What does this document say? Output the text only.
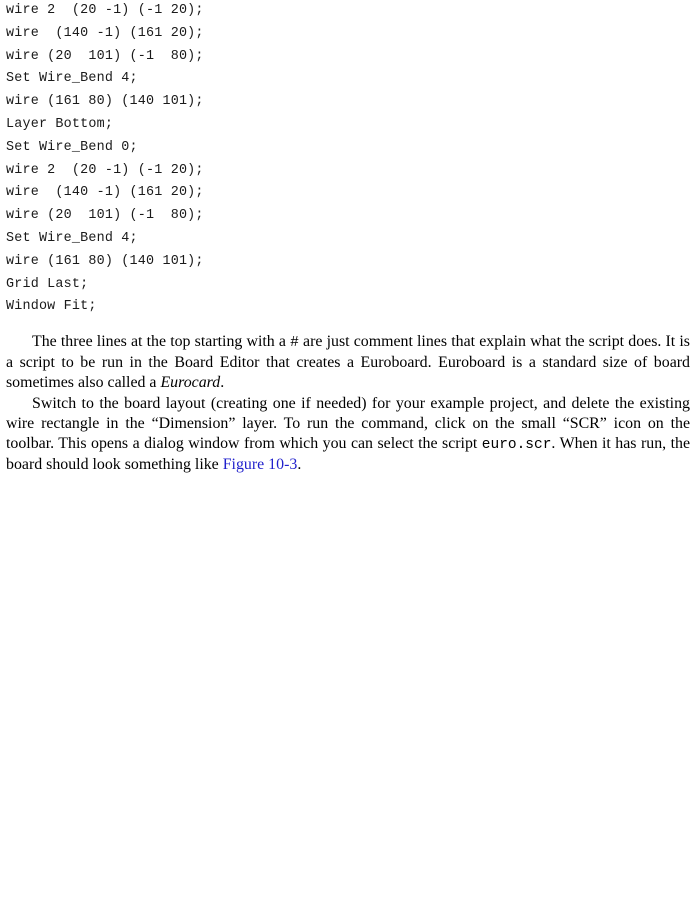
wire 2  (20 -1) (-1 20);
wire  (140 -1) (161 20);
wire (20  101) (-1  80);
Set Wire_Bend 4;
wire (161 80) (140 101);
Layer Bottom;
Set Wire_Bend 0;
wire 2  (20 -1) (-1 20);
wire  (140 -1) (161 20);
wire (20  101) (-1  80);
Set Wire_Bend 4;
wire (161 80) (140 101);
Grid Last;
Window Fit;

The three lines at the top starting with a # are just comment lines that explain what the script does. It is a script to be run in the Board Editor that creates a Euroboard. Euroboard is a standard size of board sometimes also called a Eurocard.

Switch to the board layout (creating one if needed) for your example project, and delete the existing wire rectangle in the “Dimension” layer. To run the command, click on the small “SCR” icon on the toolbar. This opens a dialog window from which you can select the script euro.scr. When it has run, the board should look something like Figure 10-3.
